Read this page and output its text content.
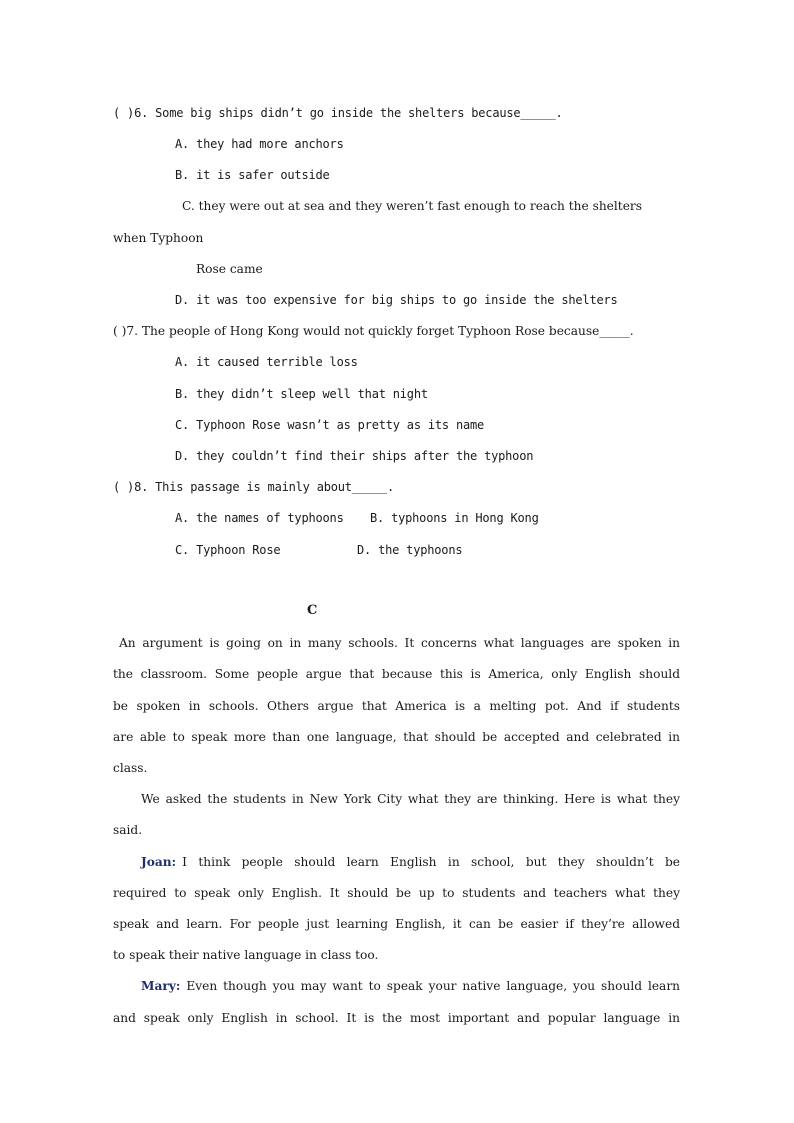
( )6. Some big ships didn’t go inside the shelters because_____.
A. they had more anchors
B. it is safer outside
C. they were out at sea and they weren’t fast enough to reach the shelters
when Typhoon
Rose came
D. it was too expensive for big ships to go inside the shelters
( )7. The people of Hong Kong would not quickly forget Typhoon Rose because_____.
A. it caused terrible loss
B. they didn’t sleep well that night
C. Typhoon Rose wasn’t as pretty as its name
D. they couldn’t find their ships after the typhoon
( )8. This passage is mainly about_____.
A. the names of typhoons B. typhoons in Hong Kong
C. Typhoon Rose	D. the typhoons
C
An argument is going on in many schools. It concerns what languages are spoken in
the classroom. Some people argue that because this is America, only English should
be spoken in schools. Others argue that America is a melting pot. And if students
are able to speak more than one language, that should be accepted and celebrated in
class.
We asked the students in New York City what they are thinking. Here is what they
said.
Joan: I think people should learn English in school, but they shouldn’t be
required to speak only English. It should be up to students and teachers what they
speak and learn. For people just learning English, it can be easier if they’re allowed
to speak their native language in class too.
Mary: Even though you may want to speak your native language, you should learn
and speak only English in school. It is the most important and popular language in
